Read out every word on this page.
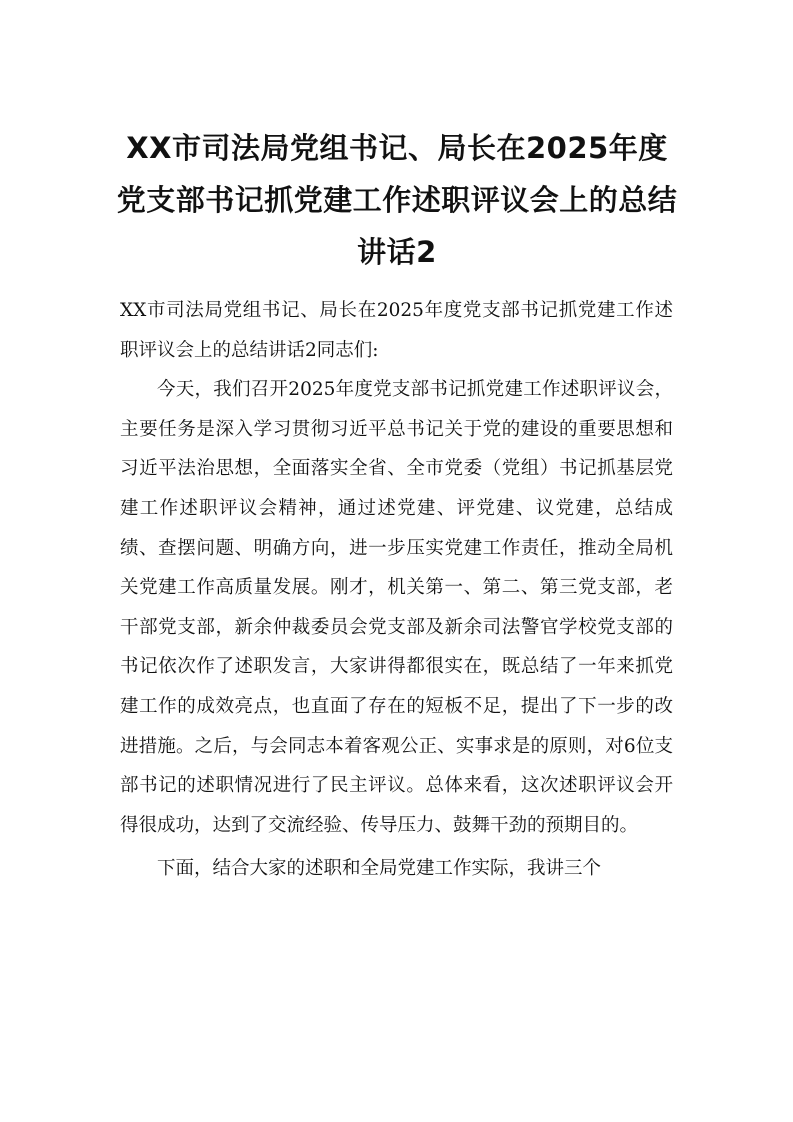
XX市司法局党组书记、局长在2025年度党支部书记抓党建工作述职评议会上的总结讲话2

XX市司法局党组书记、局长在2025年度党支部书记抓党建工作述职评议会上的总结讲话2同志们:

今天，我们召开2025年度党支部书记抓党建工作述职评议会，主要任务是深入学习贯彻习近平总书记关于党的建设的重要思想和习近平法治思想，全面落实全省、全市党委（党组）书记抓基层党建工作述职评议会精神，通过述党建、评党建、议党建，总结成绩、查摆问题、明确方向，进一步压实党建工作责任，推动全局机关党建工作高质量发展。刚才，机关第一、第二、第三党支部，老干部党支部，新余仲裁委员会党支部及新余司法警官学校党支部的书记依次作了述职发言，大家讲得都很实在，既总结了一年来抓党建工作的成效亮点，也直面了存在的短板不足，提出了下一步的改进措施。之后，与会同志本着客观公正、实事求是的原则，对6位支部书记的述职情况进行了民主评议。总体来看，这次述职评议会开得很成功，达到了交流经验、传导压力、鼓舞干劲的预期目的。

下面，结合大家的述职和全局党建工作实际，我讲三个
